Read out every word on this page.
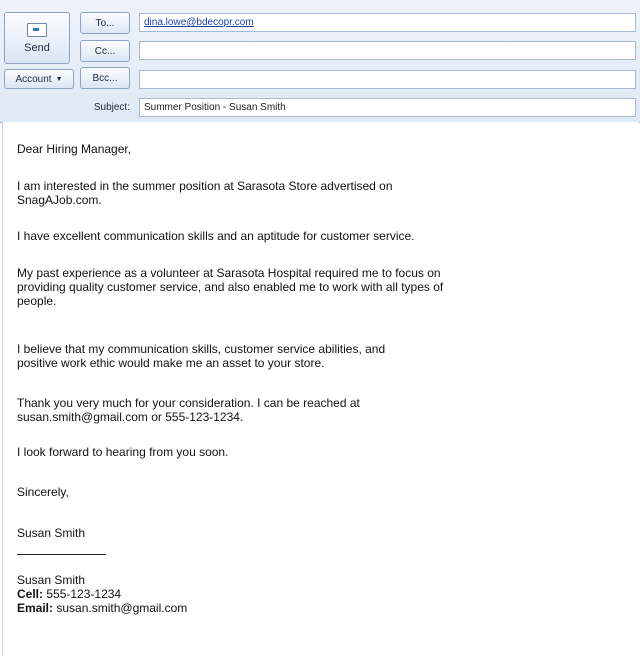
Send
To...
Cc...
Bcc...
Account ▼
dina.lowe@bdecopr.com
Subject:	Summer Position - Susan Smith

Dear Hiring Manager,

I am interested in the summer position at Sarasota Store advertised on

SnagAJob.com.

I have excellent communication skills and an aptitude for customer service.

My past experience as a volunteer at Sarasota Hospital required me to focus on

providing quality customer service, and also enabled me to work with all types of

people.

I believe that my communication skills, customer service abilities, and

positive work ethic would make me an asset to your store.

Thank you very much for your consideration. I can be reached at

susan.smith@gmail.com or 555-123-1234.

I look forward to hearing from you soon.

Sincerely,

Susan Smith

Susan Smith

Cell: 555-123-1234

Email: susan.smith@gmail.com
